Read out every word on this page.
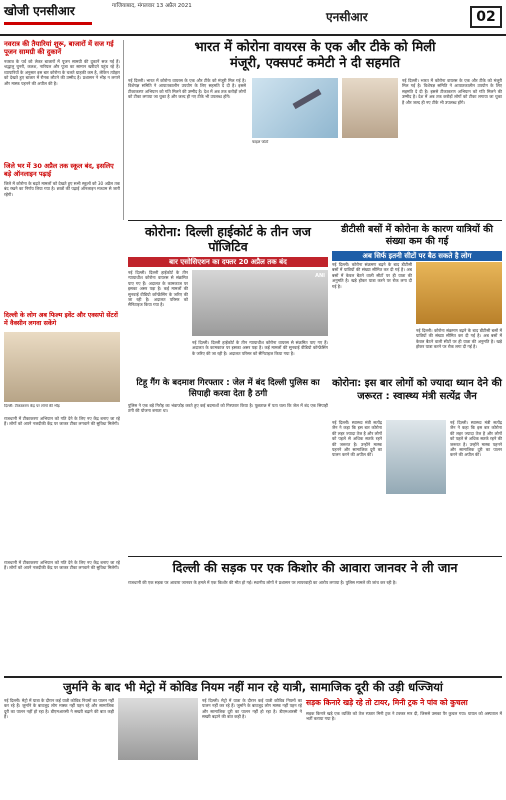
खोजी एनसीआर	गाजियाबाद, मंगलवार 13 अप्रैल 2021
एनसीआर	02
नवरात्र की तैयारियां शुरू, बाजारों में सज गई पूजन सामग्री की दुकानें
नवरात्र के पर्व को लेकर बाजारों में पूजन सामग्री की दुकानें सज गई हैं। श्रद्धालु चुनरी, कलश, नारियल और पूजा का सामान खरीदने पहुंच रहे हैं। व्यापारियों के अनुसार इस बार कोरोना के चलते ग्राहकी कम है, लेकिन त्योहार को देखते हुए बाजार में रौनक लौटने की उम्मीद है। प्रशासन ने भीड़ न लगाने और मास्क पहनने की अपील की है।
भारत में कोरोना वायरस के एक और टीके को मिली
मंजूरी, एक्सपर्ट कमेटी ने दी सहमति
नई दिल्ली। भारत में कोरोना वायरस के एक और टीके को मंजूरी मिल गई है। विशेषज्ञ समिति ने आपातकालीन उपयोग के लिए सहमति दे दी है। इससे टीकाकरण अभियान को गति मिलने की उम्मीद है। देश में अब तक करोड़ों लोगों को टीका लगाया जा चुका है और जल्द ही नए टीके भी उपलब्ध होंगे।
फाइल फोटो
नई दिल्ली। भारत में कोरोना वायरस के एक और टीके को मंजूरी मिल गई है। विशेषज्ञ समिति ने आपातकालीन उपयोग के लिए सहमति दे दी है। इससे टीकाकरण अभियान को गति मिलने की उम्मीद है। देश में अब तक करोड़ों लोगों को टीका लगाया जा चुका है और जल्द ही नए टीके भी उपलब्ध होंगे।
जिले भर में 30 अप्रैल तक स्कूल बंद, इसलिए बड़े ऑनलाइन पढ़ाई
जिले में कोरोना के बढ़ते मामलों को देखते हुए सभी स्कूलों को 30 अप्रैल तक बंद रखने का निर्णय लिया गया है। छात्रों की पढ़ाई ऑनलाइन माध्यम से जारी रहेगी।
कोरोना: दिल्ली हाईकोर्ट के तीन जज पॉजिटिव
बार एसोसिएशन का दफ्तर 20 अप्रैल तक बंद
नई दिल्ली। दिल्ली हाईकोर्ट के तीन न्यायाधीश कोरोना वायरस से संक्रमित पाए गए हैं। अदालत के कामकाज पर इसका असर पड़ा है। कई मामलों की सुनवाई वीडियो कॉन्फ्रेंसिंग के जरिए की जा रही है। अदालत परिसर को सैनिटाइज किया गया है।
ANI
नई दिल्ली। दिल्ली हाईकोर्ट के तीन न्यायाधीश कोरोना वायरस से संक्रमित पाए गए हैं। अदालत के कामकाज पर इसका असर पड़ा है। कई मामलों की सुनवाई वीडियो कॉन्फ्रेंसिंग के जरिए की जा रही है। अदालत परिसर को सैनिटाइज किया गया है।
डीटीसी बसों में कोरोना के कारण यात्रियों की संख्या कम की गई
अब सिर्फ इतनी सीटों पर बैठ सकते है लोग
नई दिल्ली। कोरोना संक्रमण बढ़ने के बाद डीटीसी बसों में यात्रियों की संख्या सीमित कर दी गई है। अब बसों में केवल बैठने वाली सीटों पर ही यात्रा की अनुमति है। खड़े होकर यात्रा करने पर रोक लगा दी गई है।
नई दिल्ली। कोरोना संक्रमण बढ़ने के बाद डीटीसी बसों में यात्रियों की संख्या सीमित कर दी गई है। अब बसों में केवल बैठने वाली सीटों पर ही यात्रा की अनुमति है। खड़े होकर यात्रा करने पर रोक लगा दी गई है।
दिल्ली के लोग अब फिल्म इवेंट और एक्सपो सेंटरों में वैक्सीन लगवा सकेंगे
दिल्ली: टीकाकरण केंद्र पर लोगों की भीड़
राजधानी में टीकाकरण अभियान को गति देने के लिए नए केंद्र बनाए जा रहे हैं। लोगों को अपने नजदीकी केंद्र पर जाकर टीका लगवाने की सुविधा मिलेगी।
टिहू गैंग के बदमाश गिरफ्तार : जेल में बंद दिल्ली पुलिस का सिपाही करवा देता है ठगी
पुलिस ने एक बड़े गिरोह का भंडाफोड़ करते हुए कई बदमाशों को गिरफ्तार किया है। पूछताछ में पता चला कि जेल में बंद एक सिपाही ठगी की योजना बनाता था।
कोरोना: इस बार लोगों को ज्यादा ध्यान देने की जरूरत : स्वास्थ्य मंत्री सत्येंद्र जैन
नई दिल्ली। स्वास्थ्य मंत्री सत्येंद्र जैन ने कहा कि इस बार कोरोना की लहर ज्यादा तेज है और लोगों को पहले से अधिक सतर्क रहने की जरूरत है। उन्होंने मास्क पहनने और सामाजिक दूरी का पालन करने की अपील की।
नई दिल्ली। स्वास्थ्य मंत्री सत्येंद्र जैन ने कहा कि इस बार कोरोना की लहर ज्यादा तेज है और लोगों को पहले से अधिक सतर्क रहने की जरूरत है। उन्होंने मास्क पहनने और सामाजिक दूरी का पालन करने की अपील की।
दिल्ली की सड़क पर एक किशोर की आवारा जानवर ने ली जान
राजधानी में टीकाकरण अभियान को गति देने के लिए नए केंद्र बनाए जा रहे हैं। लोगों को अपने नजदीकी केंद्र पर जाकर टीका लगवाने की सुविधा मिलेगी।
राजधानी की एक सड़क पर आवारा जानवर के हमले में एक किशोर की मौत हो गई। स्थानीय लोगों ने प्रशासन पर लापरवाही का आरोप लगाया है। पुलिस मामले की जांच कर रही है।
जुर्माने के बाद भी मेट्रो में कोविड नियम नहीं मान रहे यात्री, सामाजिक दूरी की उड़ी धज्जियां
नई दिल्ली। मेट्रो में यात्रा के दौरान कई यात्री कोविड नियमों का पालन नहीं कर रहे हैं। जुर्माने के बावजूद लोग मास्क नहीं पहन रहे और सामाजिक दूरी का पालन नहीं हो रहा है। डीएमआरसी ने सख्ती बढ़ाने की बात कही है।
नई दिल्ली। मेट्रो में यात्रा के दौरान कई यात्री कोविड नियमों का पालन नहीं कर रहे हैं। जुर्माने के बावजूद लोग मास्क नहीं पहन रहे और सामाजिक दूरी का पालन नहीं हो रहा है। डीएमआरसी ने सख्ती बढ़ाने की बात कही है।
सड़क किनारे खड़े रहे तो टायर, मिनी ट्रक ने पांव को कुचला
सड़क किनारे खड़े एक व्यक्ति को तेज रफ्तार मिनी ट्रक ने टक्कर मार दी, जिससे उसका पैर कुचल गया। घायल को अस्पताल में भर्ती कराया गया है।
